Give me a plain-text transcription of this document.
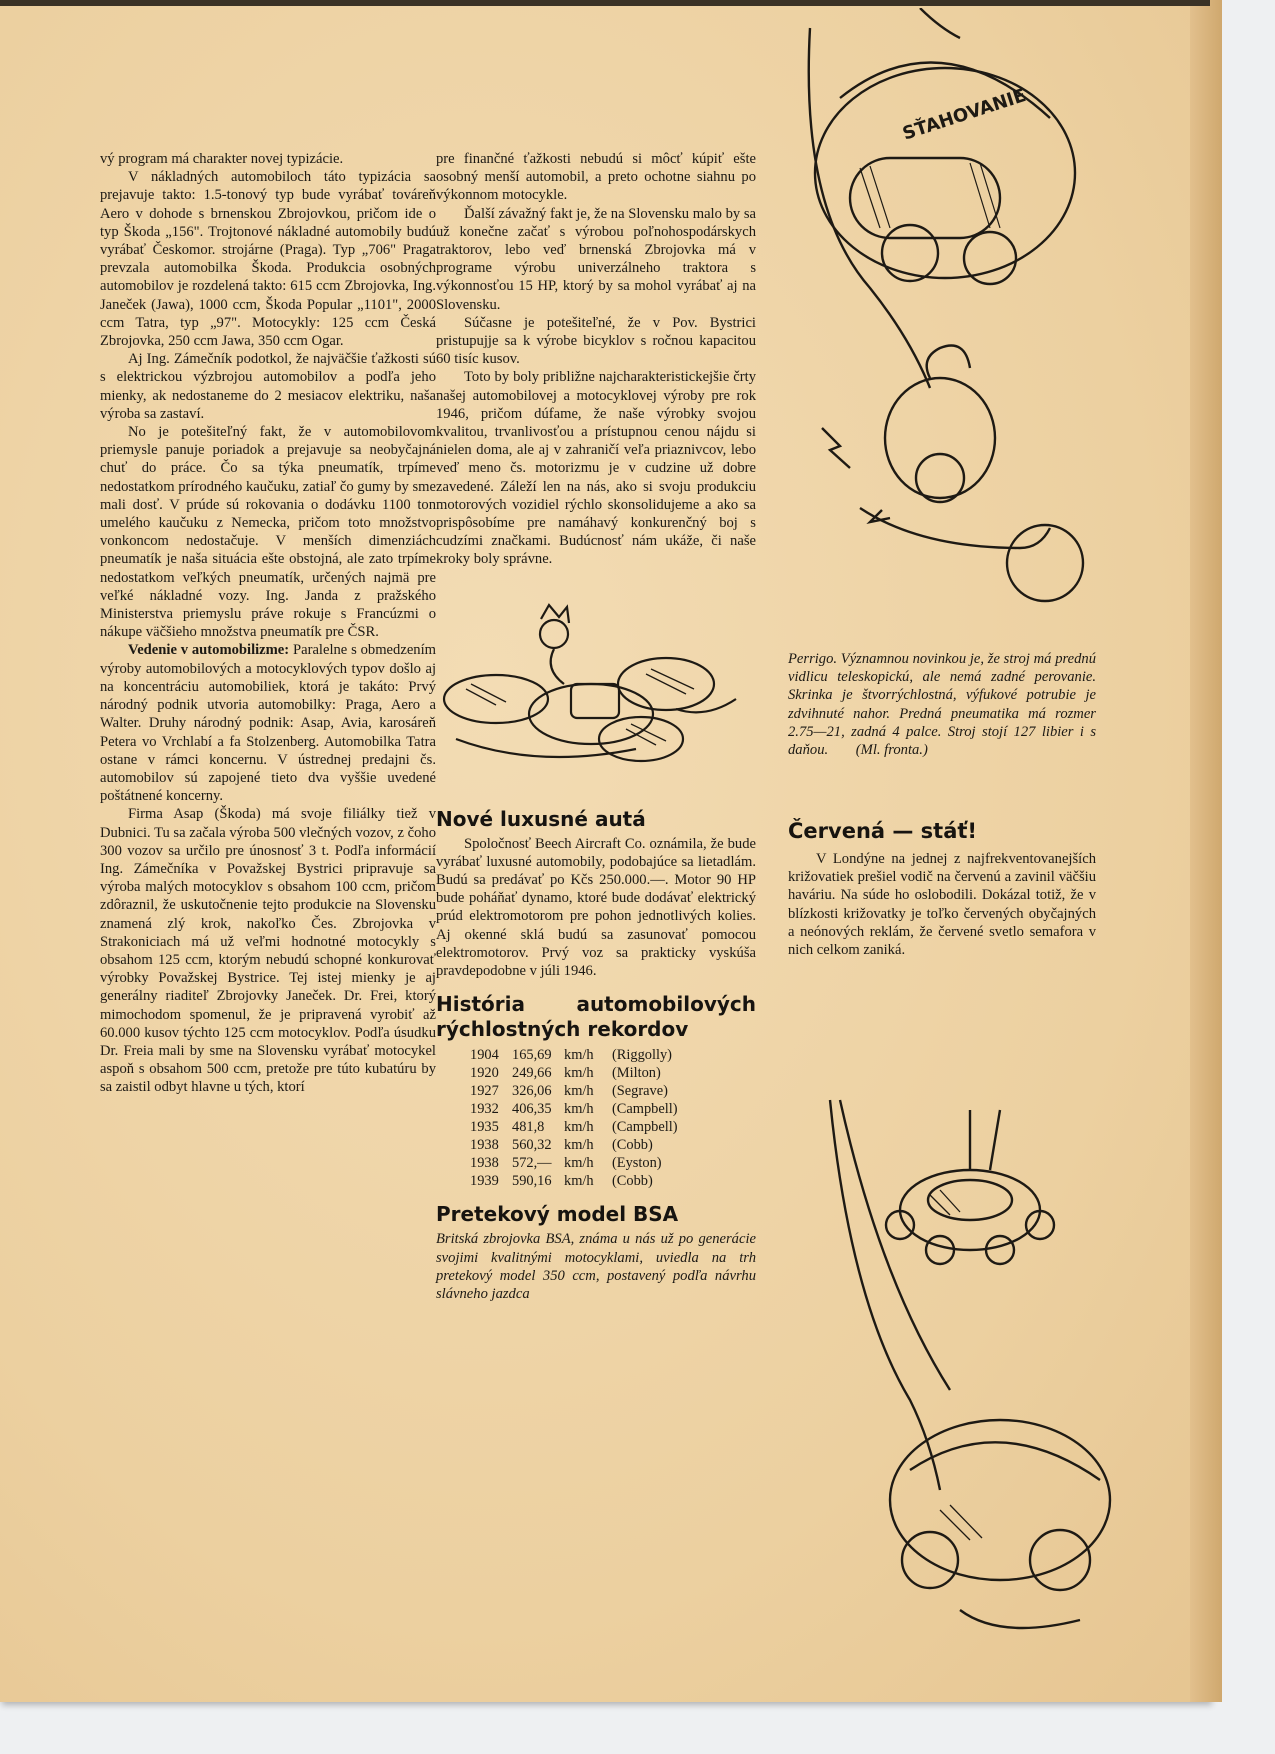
vý program má charakter novej typizácie.

V nákladných automobiloch táto typizácia sa prejavuje takto: 1.5-tonový typ bude vyrábať továreň Aero v dohode s brnenskou Zbrojovkou, pričom ide o typ Škoda „156". Trojtonové nákladné automobily budú vyrábať Českomor. strojárne (Praga). Typ „706" Praga prevzala automobilka Škoda. Produkcia osobných automobilov je rozdelená takto: 615 ccm Zbrojovka, Ing. Janeček (Jawa), 1000 ccm, Škoda Popular „1101", 2000 ccm Tatra, typ „97". Motocykly: 125 ccm Česká Zbrojovka, 250 ccm Jawa, 350 ccm Ogar.

Aj Ing. Zámečník podotkol, že najväčšie ťažkosti sú s elektrickou výzbrojou automobilov a podľa jeho mienky, ak nedostaneme do 2 mesiacov elektriku, naša výroba sa zastaví.

No je potešiteľný fakt, že v automobilovom priemysle panuje poriadok a prejavuje sa neobyčajná chuť do práce. Čo sa týka pneumatík, trpíme nedostatkom prírodného kaučuku, zatiaľ čo gumy by sme mali dosť. V prúde sú rokovania o dodávku 1100 ton umelého kaučuku z Nemecka, pričom toto množstvo vonkoncom nedostačuje. V menších dimenziách pneumatík je naša situácia ešte obstojná, ale zato trpíme nedostatkom veľkých pneumatík, určených najmä pre veľké nákladné vozy. Ing. Janda z pražského Ministerstva priemyslu práve rokuje s Francúzmi o nákupe väčšieho množstva pneumatík pre ČSR.

Vedenie v automobilizme: Paralelne s obmedzením výroby automobilových a motocyklových typov došlo aj na koncentráciu automobiliek, ktorá je takáto: Prvý národný podnik utvoria automobilky: Praga, Aero a Walter. Druhy národný podnik: Asap, Avia, karosáreň Petera vo Vrchlabí a fa Stolzenberg. Automobilka Tatra ostane v rámci koncernu. V ústrednej predajni čs. automobilov sú zapojené tieto dva vyššie uvedené poštátnené koncerny.

Firma Asap (Škoda) má svoje filiálky tiež v Dubnici. Tu sa začala výroba 500 vlečných vozov, z čoho 300 vozov sa určilo pre únosnosť 3 t. Podľa informácií Ing. Zámečníka v Považskej Bystrici pripravuje sa výroba malých motocyklov s obsahom 100 ccm, pričom zdôraznil, že uskutočnenie tejto produkcie na Slovensku znamená zlý krok, nakoľko Čes. Zbrojovka v Strakoniciach má už veľmi hodnotné motocykly s obsahom 125 ccm, ktorým nebudú schopné konkurovať výrobky Považskej Bystrice. Tej istej mienky je aj generálny riaditeľ Zbrojovky Janeček. Dr. Frei, ktorý mimochodom spomenul, že je pripravená vyrobiť až 60.000 kusov týchto 125 ccm motocyklov. Podľa úsudku Dr. Freia mali by sme na Slovensku vyrábať motocykel aspoň s obsahom 500 ccm, pretože pre túto kubatúru by sa zaistil odbyt hlavne u tých, ktorí

pre finančné ťažkosti nebudú si môcť kúpiť ešte osobný menší automobil, a preto ochotne siahnu po výkonnom motocykle.

Ďalší závažný fakt je, že na Slovensku malo by sa už konečne začať s výrobou poľnohospodárskych traktorov, lebo veď brnenská Zbrojovka má v programe výrobu univerzálneho traktora s výkonnosťou 15 HP, ktorý by sa mohol vyrábať aj na Slovensku.

Súčasne je potešiteľné, že v Pov. Bystrici pristupujje sa k výrobe bicyklov s ročnou kapacitou 60 tisíc kusov.

Toto by boly približne najcharakteristickejšie črty našej automobilovej a motocyklovej výroby pre rok 1946, pričom dúfame, že naše výrobky svojou kvalitou, trvanlivosťou a prístupnou cenou nájdu si nielen doma, ale aj v zahraničí veľa priaznivcov, lebo veď meno čs. motorizmu je v cudzine už dobre zavedené. Záleží len na nás, ako si svoju produkciu motorových vozidiel rýchlo skonsolidujeme a ako sa prispôsobíme pre namáhavý konkurenčný boj s cudzími značkami. Budúcnosť nám ukáže, či naše kroky boly správne.

Nové luxusné autá

Spoločnosť Beech Aircraft Co. oznámila, že bude vyrábať luxusné automobily, podobajúce sa lietadlám. Budú sa predávať po Kčs 250.000.—. Motor 90 HP bude poháňať dynamo, ktoré bude dodávať elektrický prúd elektromotorom pre pohon jednotlivých kolies. Aj okenné sklá budú sa zasunovať pomocou elektromotorov. Prvý voz sa prakticky vyskúša pravdepodobne v júli 1946.

História automobilových rýchlostných rekordov
1904 165,69 km/h (Riggolly)
1920 249,66 km/h (Milton)
1927 326,06 km/h (Segrave)
1932 406,35 km/h (Campbell)
1935 481,8 km/h (Campbell)
1938 560,32 km/h (Cobb)
1938 572,— km/h (Eyston)
1939 590,16 km/h (Cobb)
Pretekový model BSA

Britská zbrojovka BSA, známa u nás už po generácie svojimi kvalitnými motocyklami, uviedla na trh pretekový model 350 ccm, postavený podľa návrhu slávneho jazdca

SŤAHOVANIE

Perrigo. Významnou novinkou je, že stroj má prednú vidlicu teleskopickú, ale nemá zadné perovanie. Skrinka je štvorrýchlostná, výfukové potrubie je zdvihnuté nahor. Predná pneumatika má rozmer 2.75—21, zadná 4 palce. Stroj stojí 127 libier i s daňou. (Ml. fronta.)

Červená — stáť!

V Londýne na jednej z najfrekventovanejších križovatiek prešiel vodič na červenú a zavinil väčšiu haváriu. Na súde ho oslobodili. Dokázal totiž, že v blízkosti križovatky je toľko červených obyčajných a neónových reklám, že červené svetlo semafora v nich celkom zaniká.
